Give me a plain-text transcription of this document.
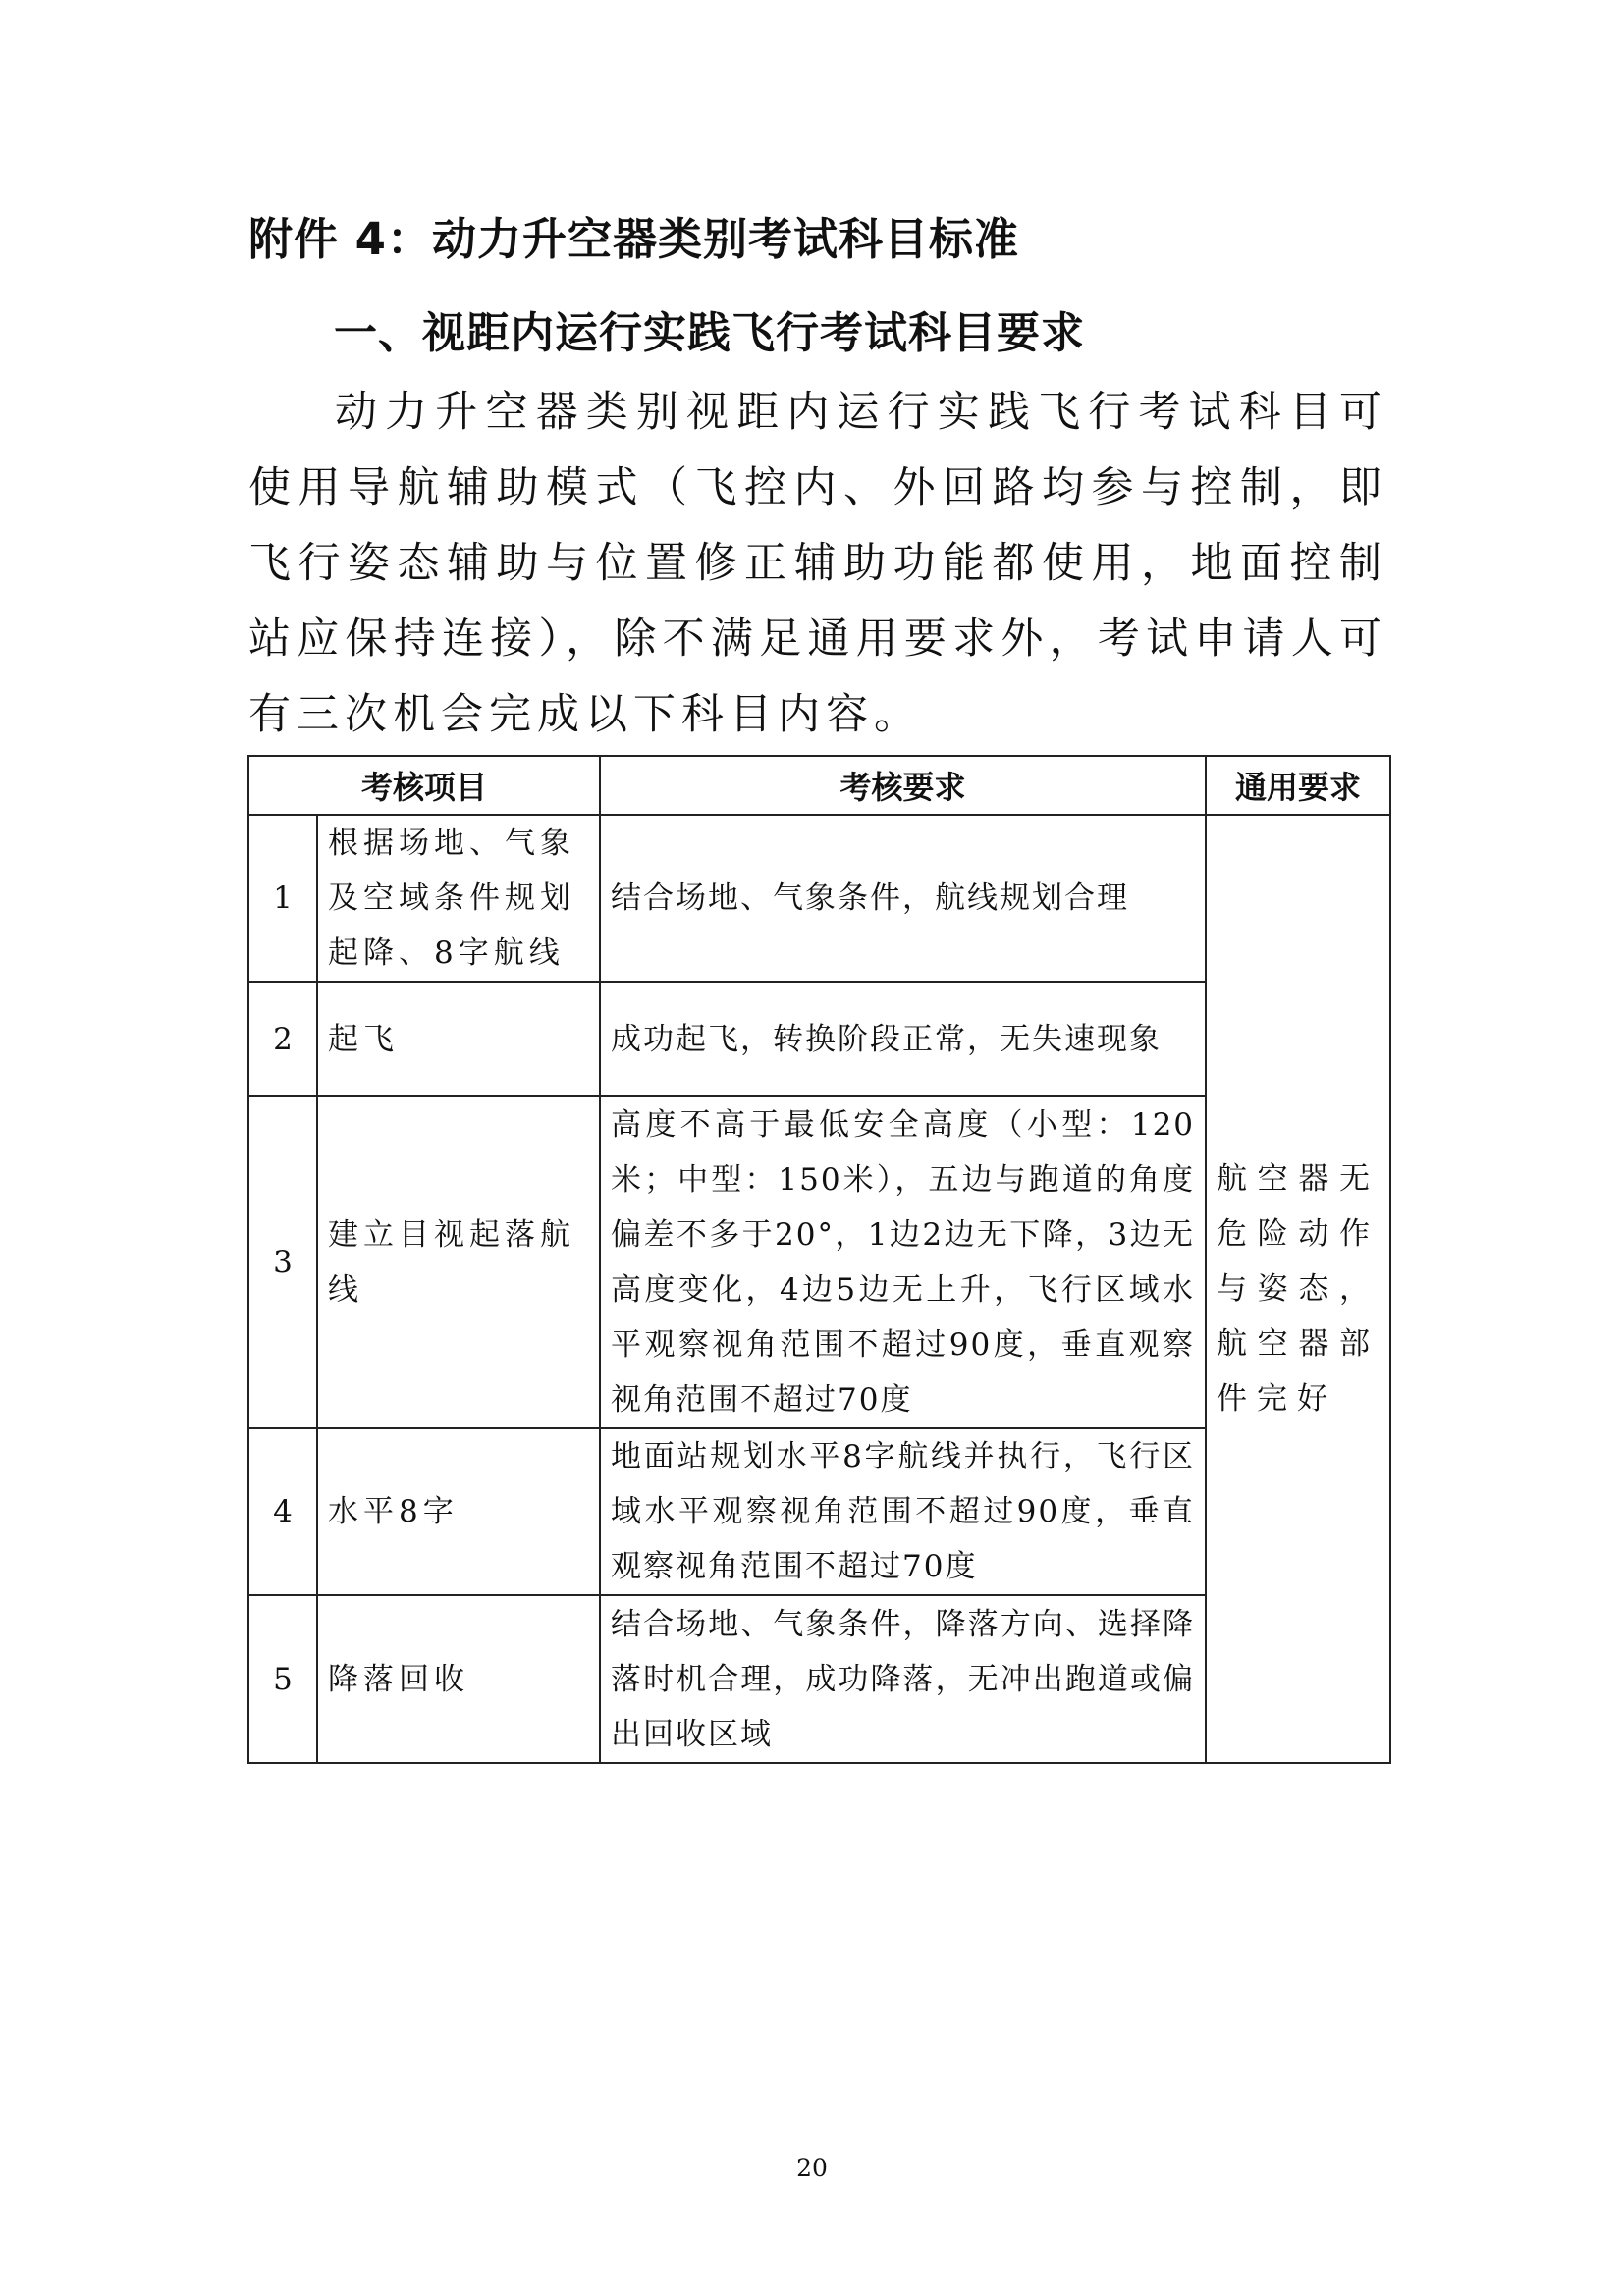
附件 4：动力升空器类别考试科目标准
一、视距内运行实践飞行考试科目要求

动力升空器类别视距内运行实践飞行考试科目可使用导航辅助模式（飞控内、外回路均参与控制，即飞行姿态辅助与位置修正辅助功能都使用，地面控制站应保持连接），除不满足通用要求外，考试申请人可有三次机会完成以下科目内容。

考核项目		考核要求	通用要求
1	根据场地、气象及空域条件规划起降、8字航线	结合场地、气象条件，航线规划合理	航空器无危险动作与姿态，航空器部件完好
2	起飞	成功起飞，转换阶段正常，无失速现象	
3	建立目视起落航线	高度不高于最低安全高度（小型：120米；中型：150米），五边与跑道的角度偏差不多于20°，1边2边无下降，3边无高度变化，4边5边无上升，飞行区域水平观察视角范围不超过90度，垂直观察视角范围不超过70度	
4	水平8字	地面站规划水平8字航线并执行，飞行区域水平观察视角范围不超过90度，垂直观察视角范围不超过70度	
5	降落回收	结合场地、气象条件，降落方向、选择降落时机合理，成功降落，无冲出跑道或偏出回收区域	
20
